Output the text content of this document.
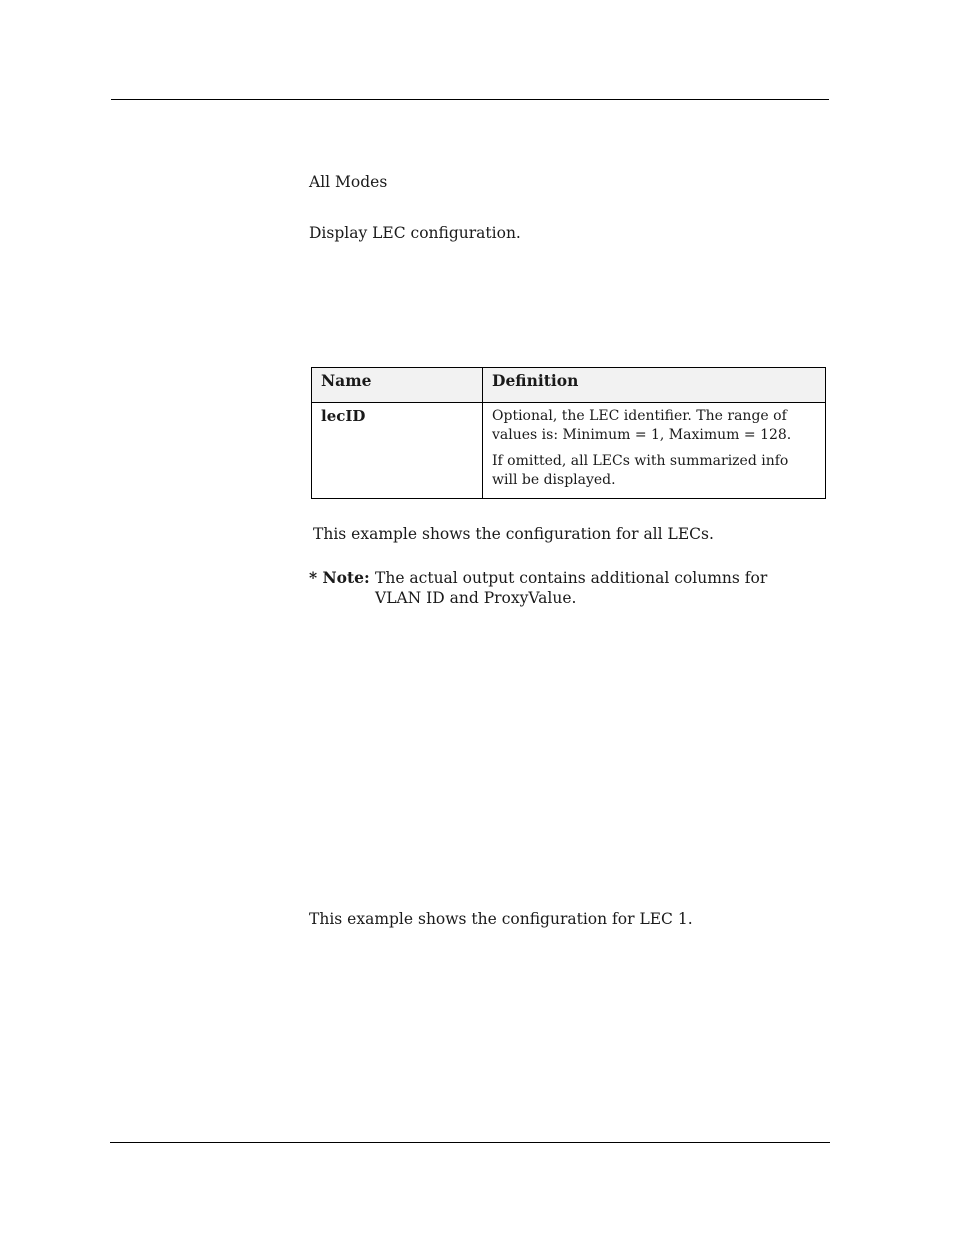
All Modes
Display LEC configuration.
Name	Definition
lecID	Optional, the LEC identifier. The range of values is: Minimum = 1, Maximum = 128.

If omitted, all LECs with summarized info will be displayed.

This example shows the configuration for all LECs.
* Note: The actual output contains additional columns for VLAN ID and ProxyValue.
This example shows the configuration for LEC 1.
